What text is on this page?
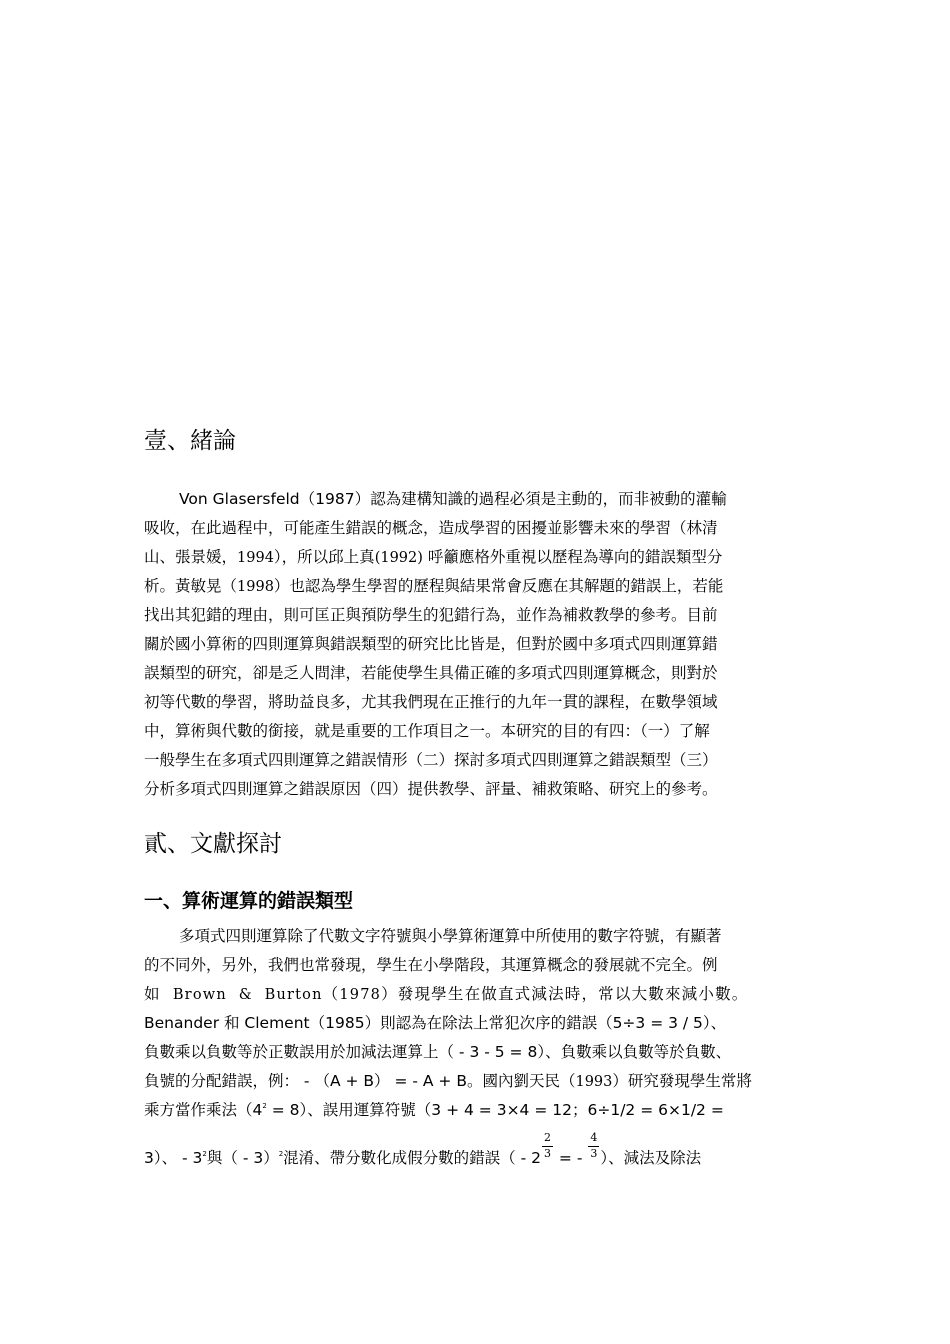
壹、緒論
Von Glasersfeld（1987）認為建構知識的過程必須是主動的，而非被動的灌輸
吸收，在此過程中，可能產生錯誤的概念，造成學習的困擾並影響未來的學習（林清
山、張景媛，1994），所以邱上真(1992) 呼籲應格外重視以歷程為導向的錯誤類型分
析。黃敏晃（1998）也認為學生學習的歷程與結果常會反應在其解題的錯誤上，若能
找出其犯錯的理由，則可匡正與預防學生的犯錯行為，並作為補救教學的參考。目前
關於國小算術的四則運算與錯誤類型的研究比比皆是，但對於國中多項式四則運算錯
誤類型的研究，卻是乏人問津，若能使學生具備正確的多項式四則運算概念，則對於
初等代數的學習，將助益良多，尤其我們現在正推行的九年一貫的課程，在數學領域
中，算術與代數的銜接，就是重要的工作項目之一。本研究的目的有四：（一）了解
一般學生在多項式四則運算之錯誤情形（二）探討多項式四則運算之錯誤類型（三）
分析多項式四則運算之錯誤原因（四）提供教學、評量、補救策略、研究上的參考。
貳、文獻探討
一、算術運算的錯誤類型
多項式四則運算除了代數文字符號與小學算術運算中所使用的數字符號，有顯著
的不同外，另外，我們也常發現，學生在小學階段，其運算概念的發展就不完全。例
如 Brown & Burton（1978）發現學生在做直式減法時，常以大數來減小數。
Benander 和 Clement（1985）則認為在除法上常犯次序的錯誤（5÷3 = 3 / 5）、
負數乘以負數等於正數誤用於加減法運算上（ - 3 - 5 = 8）、負數乘以負數等於負數、
負號的分配錯誤，例： - （A + B） = - A + B。國內劉天民（1993）研究發現學生常將
乘方當作乘法$(4^2 = 8)$、誤用運算符號（3 + 4 = 3×4 = 12；6÷1/2 = 6×1/2 =
3）、 - $3^2$與（ - 3）$^2$混淆、帶分數化成假分數的錯誤（ - $2 \frac{2}{3}$ = - $\frac{4}{3}$ ）、減法及除法
